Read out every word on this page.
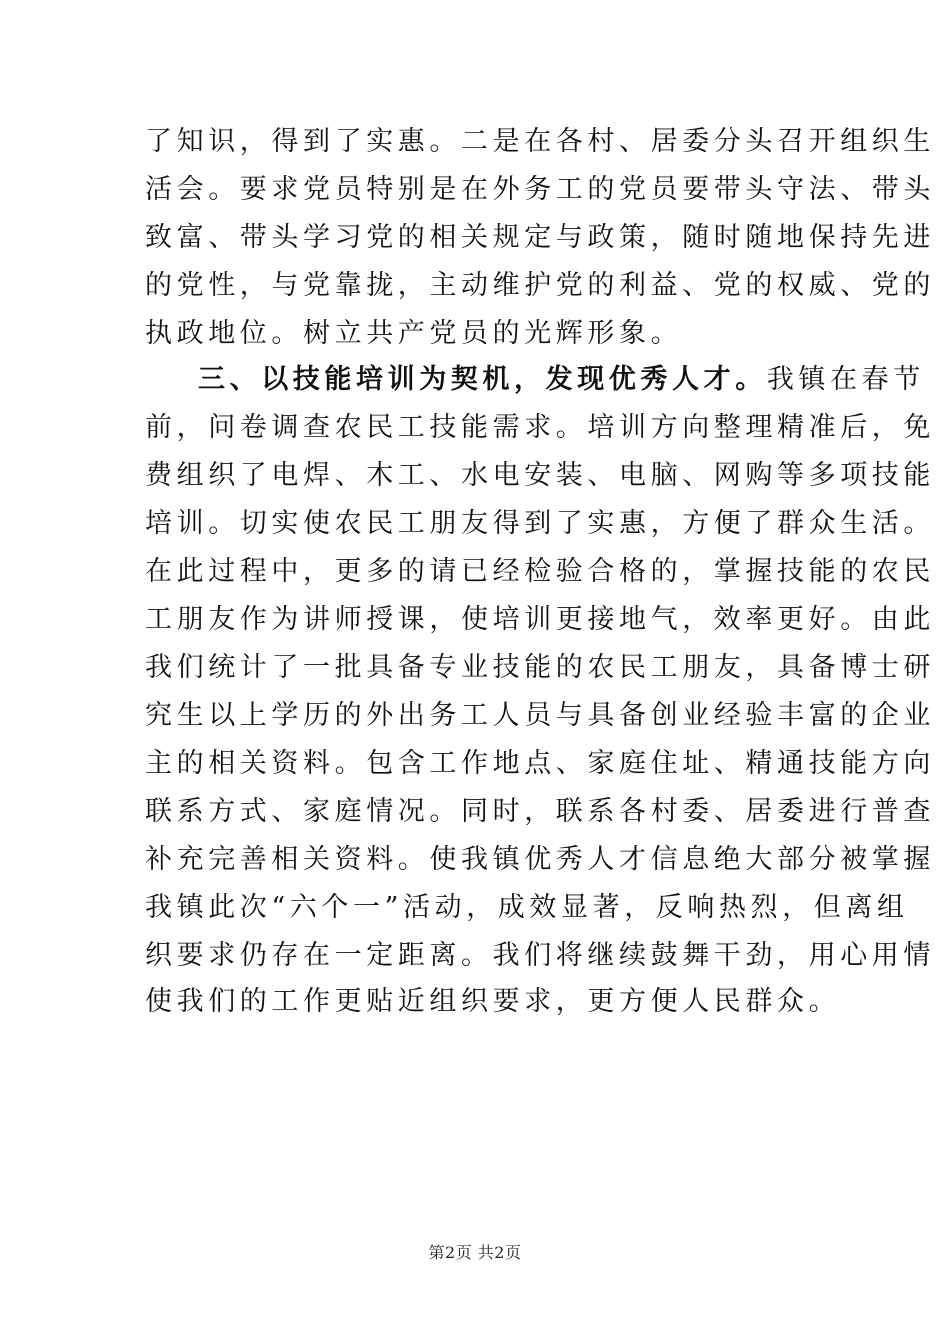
了知识，得到了实惠。二是在各村、居委分头召开组织生
活会。要求党员特别是在外务工的党员要带头守法、带头
致富、带头学习党的相关规定与政策，随时随地保持先进
的党性，与党靠拢，主动维护党的利益、党的权威、党的
执政地位。树立共产党员的光辉形象。
三、以技能培训为契机，发现优秀人才。我镇在春节
前，问卷调查农民工技能需求。培训方向整理精准后，免
费组织了电焊、木工、水电安装、电脑、网购等多项技能
培训。切实使农民工朋友得到了实惠，方便了群众生活。
在此过程中，更多的请已经检验合格的，掌握技能的农民
工朋友作为讲师授课，使培训更接地气，效率更好。由此
我们统计了一批具备专业技能的农民工朋友，具备博士研
究生以上学历的外出务工人员与具备创业经验丰富的企业
主的相关资料。包含工作地点、家庭住址、精通技能方向
联系方式、家庭情况。同时，联系各村委、居委进行普查
补充完善相关资料。使我镇优秀人才信息绝大部分被掌握
我镇此次“六个一”活动，成效显著，反响热烈，但离组
织要求仍存在一定距离。我们将继续鼓舞干劲，用心用情
使我们的工作更贴近组织要求，更方便人民群众。
第2页 共2页
